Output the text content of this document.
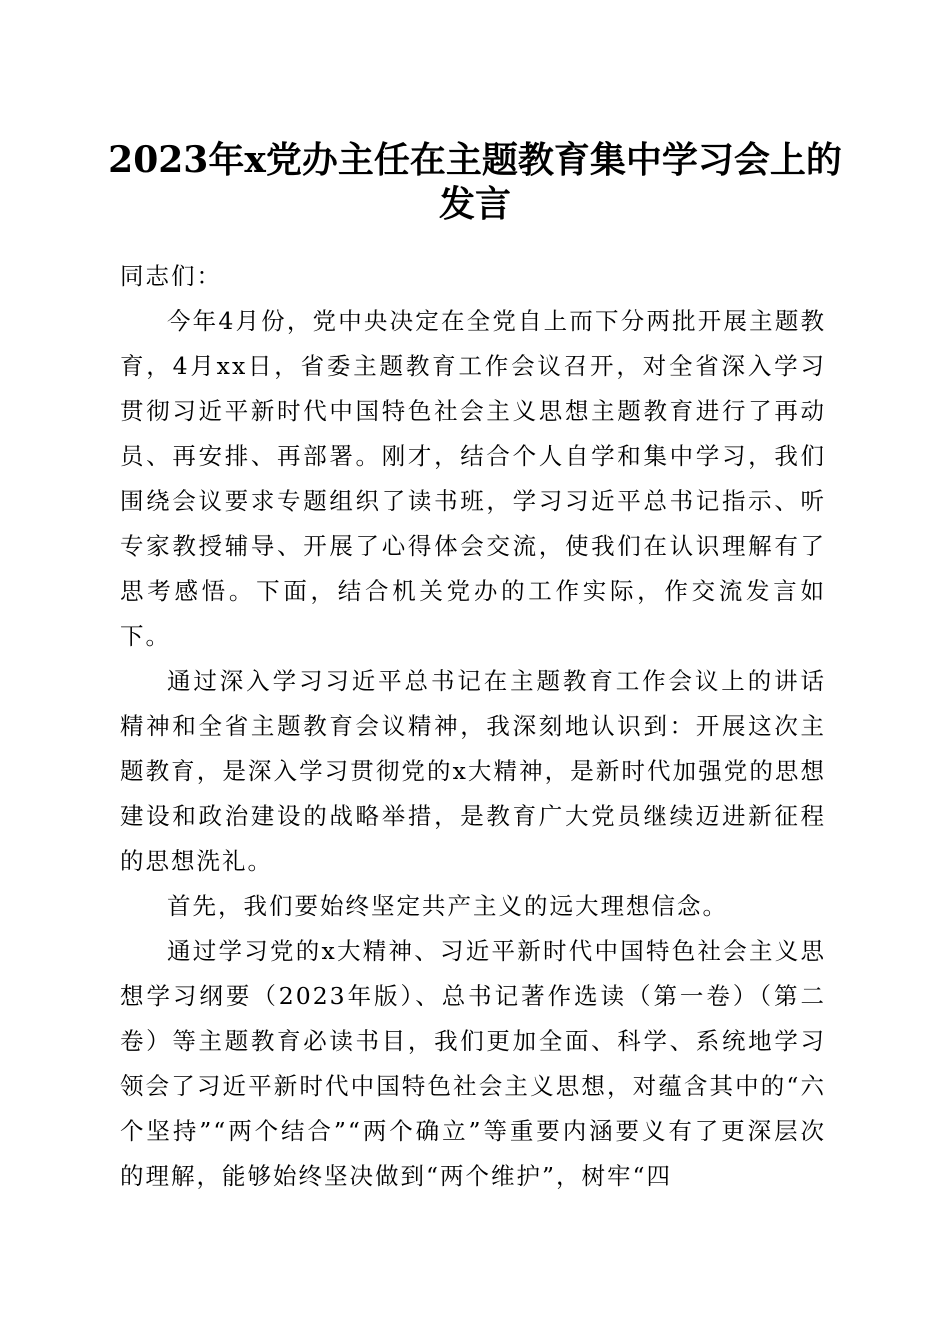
2023年x党办主任在主题教育集中学习会上的发言

同志们：

今年4月份，党中央决定在全党自上而下分两批开展主题教育，4月xx日，省委主题教育工作会议召开，对全省深入学习贯彻习近平新时代中国特色社会主义思想主题教育进行了再动员、再安排、再部署。刚才，结合个人自学和集中学习，我们围绕会议要求专题组织了读书班，学习习近平总书记指示、听专家教授辅导、开展了心得体会交流，使我们在认识理解有了思考感悟。下面，结合机关党办的工作实际，作交流发言如下。

通过深入学习习近平总书记在主题教育工作会议上的讲话精神和全省主题教育会议精神，我深刻地认识到：开展这次主题教育，是深入学习贯彻党的x大精神，是新时代加强党的思想建设和政治建设的战略举措，是教育广大党员继续迈进新征程的思想洗礼。

首先，我们要始终坚定共产主义的远大理想信念。

通过学习党的x大精神、习近平新时代中国特色社会主义思想学习纲要（2023年版）、总书记著作选读（第一卷）（第二卷）等主题教育必读书目，我们更加全面、科学、系统地学习领会了习近平新时代中国特色社会主义思想，对蕴含其中的“六个坚持”“两个结合”“两个确立”等重要内涵要义有了更深层次的理解，能够始终坚决做到“两个维护”，树牢“四
